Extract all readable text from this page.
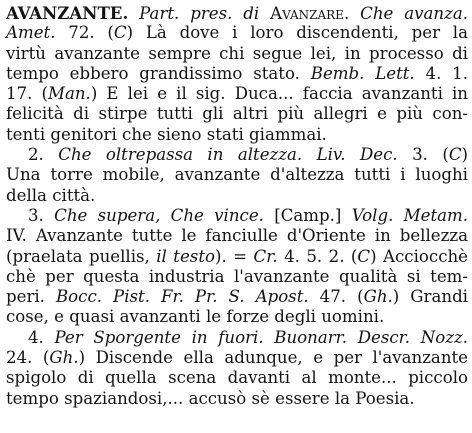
AVANZANTE. Part. pres. di Avanzare. Che avanza.
Amet. 72. (C) Là dove i loro discendenti, per la
virtù avanzante sempre chi segue lei, in processo di
tempo ebbero grandissimo stato. Bemb. Lett. 4. 1.
17. (Man.) E lei e il sig. Duca... faccia avanzanti in
felicità di stirpe tutti gli altri più allegri e più con-
tenti genitori che sieno stati giammai.
2. Che oltrepassa in altezza. Liv. Dec. 3. (C)
Una torre mobile, avanzante d'altezza tutti i luoghi
della città.
3. Che supera, Che vince. [Camp.] Volg. Metam.
IV. Avanzante tutte le fanciulle d'Oriente in bellezza
(praelata puellis, il testo). = Cr. 4. 5. 2. (C) Acciocchè
chè per questa industria l'avanzante qualità si tem-
peri. Bocc. Pist. Fr. Pr. S. Apost. 47. (Gh.) Grandi
cose, e quasi avanzanti le forze degli uomini.
4. Per Sporgente in fuori. Buonarr. Descr. Nozz.
24. (Gh.) Discende ella adunque, e per l'avanzante
spigolo di quella scena davanti al monte... piccolo
tempo spaziandosi,... accusò sè essere la Poesia.
